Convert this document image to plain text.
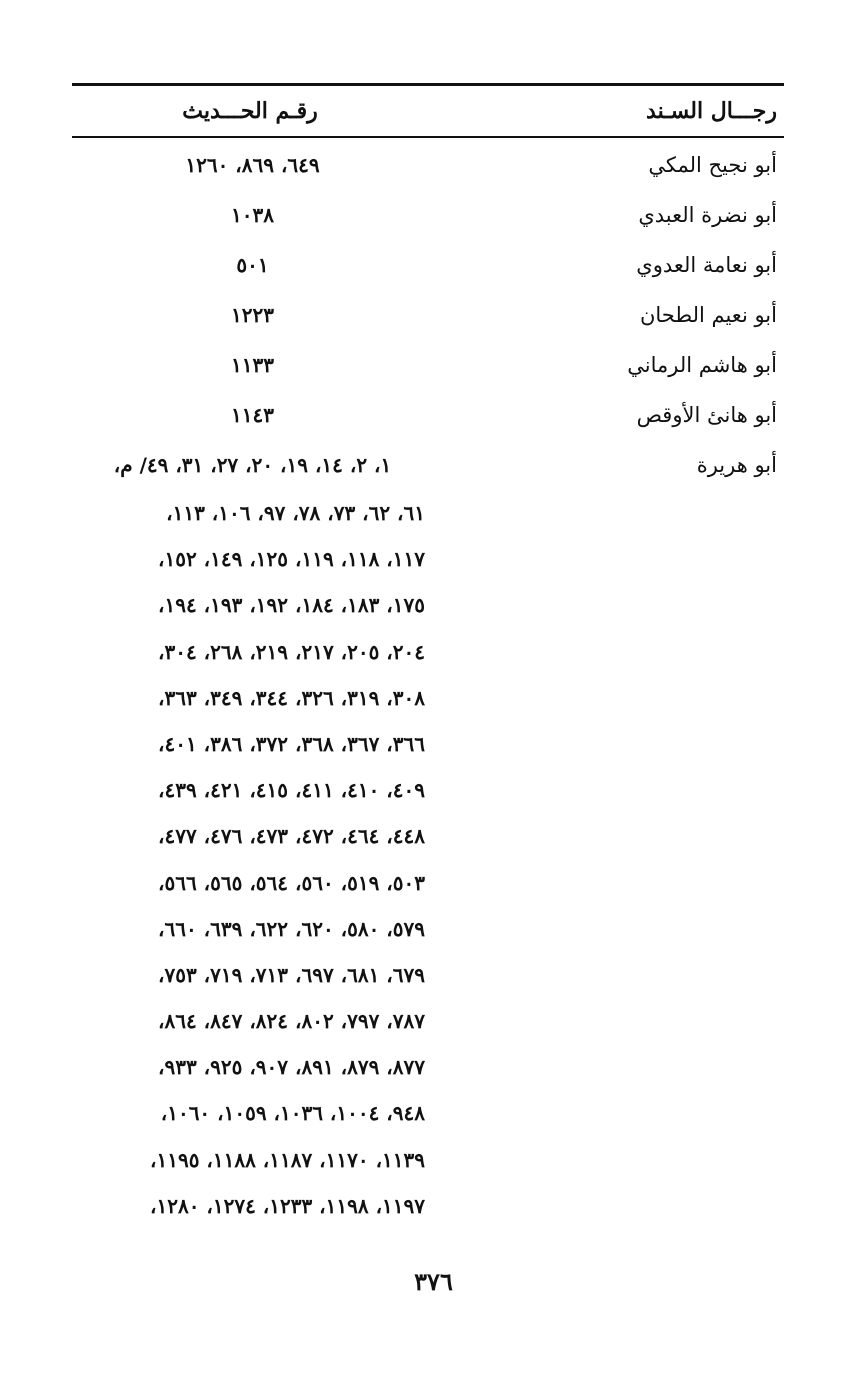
رجـــال السـند
رقـم الحـــديث
أبو نجيح المكي
٦٤٩، ٨٦٩، ١٢٦٠
أبو نضرة العبدي
١٠٣٨
أبو نعامة العدوي
٥٠١
أبو نعيم الطحان
١٢٢٣
أبو هاشم الرماني
١١٣٣
أبو هانئ الأوقص
١١٤٣
أبو هريرة
١، ٢، ١٤، ١٩، ٢٠، ٢٧، ٣١، ٤٩/ م،
٦١، ٦٢، ٧٣، ٧٨، ٩٧، ١٠٦، ١١٣،
١١٧، ١١٨، ١١٩، ١٢٥، ١٤٩، ١٥٢،
١٧٥، ١٨٣، ١٨٤، ١٩٢، ١٩٣، ١٩٤،
٢٠٤، ٢٠٥، ٢١٧، ٢١٩، ٢٦٨، ٣٠٤،
٣٠٨، ٣١٩، ٣٢٦، ٣٤٤، ٣٤٩، ٣٦٣،
٣٦٦، ٣٦٧، ٣٦٨، ٣٧٢، ٣٨٦، ٤٠١،
٤٠٩، ٤١٠، ٤١١، ٤١٥، ٤٢١، ٤٣٩،
٤٤٨، ٤٦٤، ٤٧٢، ٤٧٣، ٤٧٦، ٤٧٧،
٥٠٣، ٥١٩، ٥٦٠، ٥٦٤، ٥٦٥، ٥٦٦،
٥٧٩، ٥٨٠، ٦٢٠، ٦٢٢، ٦٣٩، ٦٦٠،
٦٧٩، ٦٨١، ٦٩٧، ٧١٣، ٧١٩، ٧٥٣،
٧٨٧، ٧٩٧، ٨٠٢، ٨٢٤، ٨٤٧، ٨٦٤،
٨٧٧، ٨٧٩، ٨٩١، ٩٠٧، ٩٢٥، ٩٣٣،
٩٤٨، ١٠٠٤، ١٠٣٦، ١٠٥٩، ١٠٦٠،
١١٣٩، ١١٧٠، ١١٨٧، ١١٨٨، ١١٩٥،
١١٩٧، ١١٩٨، ١٢٣٣، ١٢٧٤، ١٢٨٠،
٣٧٦
